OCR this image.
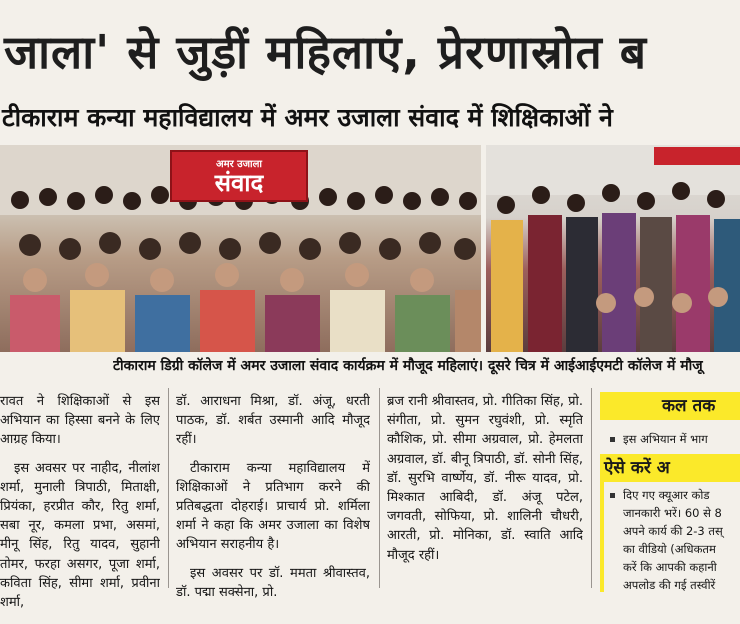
जाला' से जुड़ीं महिलाएं, प्रेरणास्रोत ब
टीकाराम कन्या महाविद्यालय में अमर उजाला संवाद में शिक्षिकाओं ने
अमर उजाला
संवाद
टीकाराम डिग्री कॉलेज में अमर उजाला संवाद कार्यक्रम में मौजूद महिलाएं। दूसरे चित्र में आईआईएमटी कॉलेज में मौजू

रावत ने शिक्षिकाओं से इस अभियान का हिस्सा बनने के लिए आग्रह किया।

इस अवसर पर नाहीद, नीलांश शर्मा, मुनाली त्रिपाठी, मिताक्षी, प्रियंका, हरप्रीत कौर, रितु शर्मा, सबा नूर, कमला प्रभा, असमां, मीनू सिंह, रितु यादव, सुहानी तोमर, फरहा असगर, पूजा शर्मा, कविता सिंह, सीमा शर्मा, प्रवीना शर्मा,

डॉ. आराधना मिश्रा, डॉ. अंजू, धरती पाठक, डॉ. शर्बत उस्मानी आदि मौजूद रहीं।

टीकाराम कन्या महाविद्यालय में शिक्षिकाओं ने प्रतिभाग करने की प्रतिबद्धता दोहराई। प्राचार्य प्रो. शर्मिला शर्मा ने कहा कि अमर उजाला का विशेष अभियान सराहनीय है।

इस अवसर पर डॉ. ममता श्रीवास्तव, डॉ. पद्मा सक्सेना, प्रो.

ब्रज रानी श्रीवास्तव, प्रो. गीतिका सिंह, प्रो. संगीता, प्रो. सुमन रघुवंशी, प्रो. स्मृति कौशिक, प्रो. सीमा अग्रवाल, प्रो. हेमलता अग्रवाल, डॉ. बीनू त्रिपाठी, डॉ. सोनी सिंह, डॉ. सुरभि वार्ष्णेय, डॉ. नीरू यादव, प्रो. मिश्कात आबिदी, डॉ. अंजू पटेल, जगवती, सोफिया, प्रो. शालिनी चौधरी, आरती, प्रो. मोनिका, डॉ. स्वाति आदि मौजूद रहीं।

कल तक
इस अभियान में भाग
ऐसे करें अ
दिए गए क्यूआर कोड
जानकारी भरें। 60 से 8
अपने कार्य की 2-3 तस्
का वीडियो (अधिकतम
करें कि आपकी कहानी
अपलोड की गई तस्वीरें
